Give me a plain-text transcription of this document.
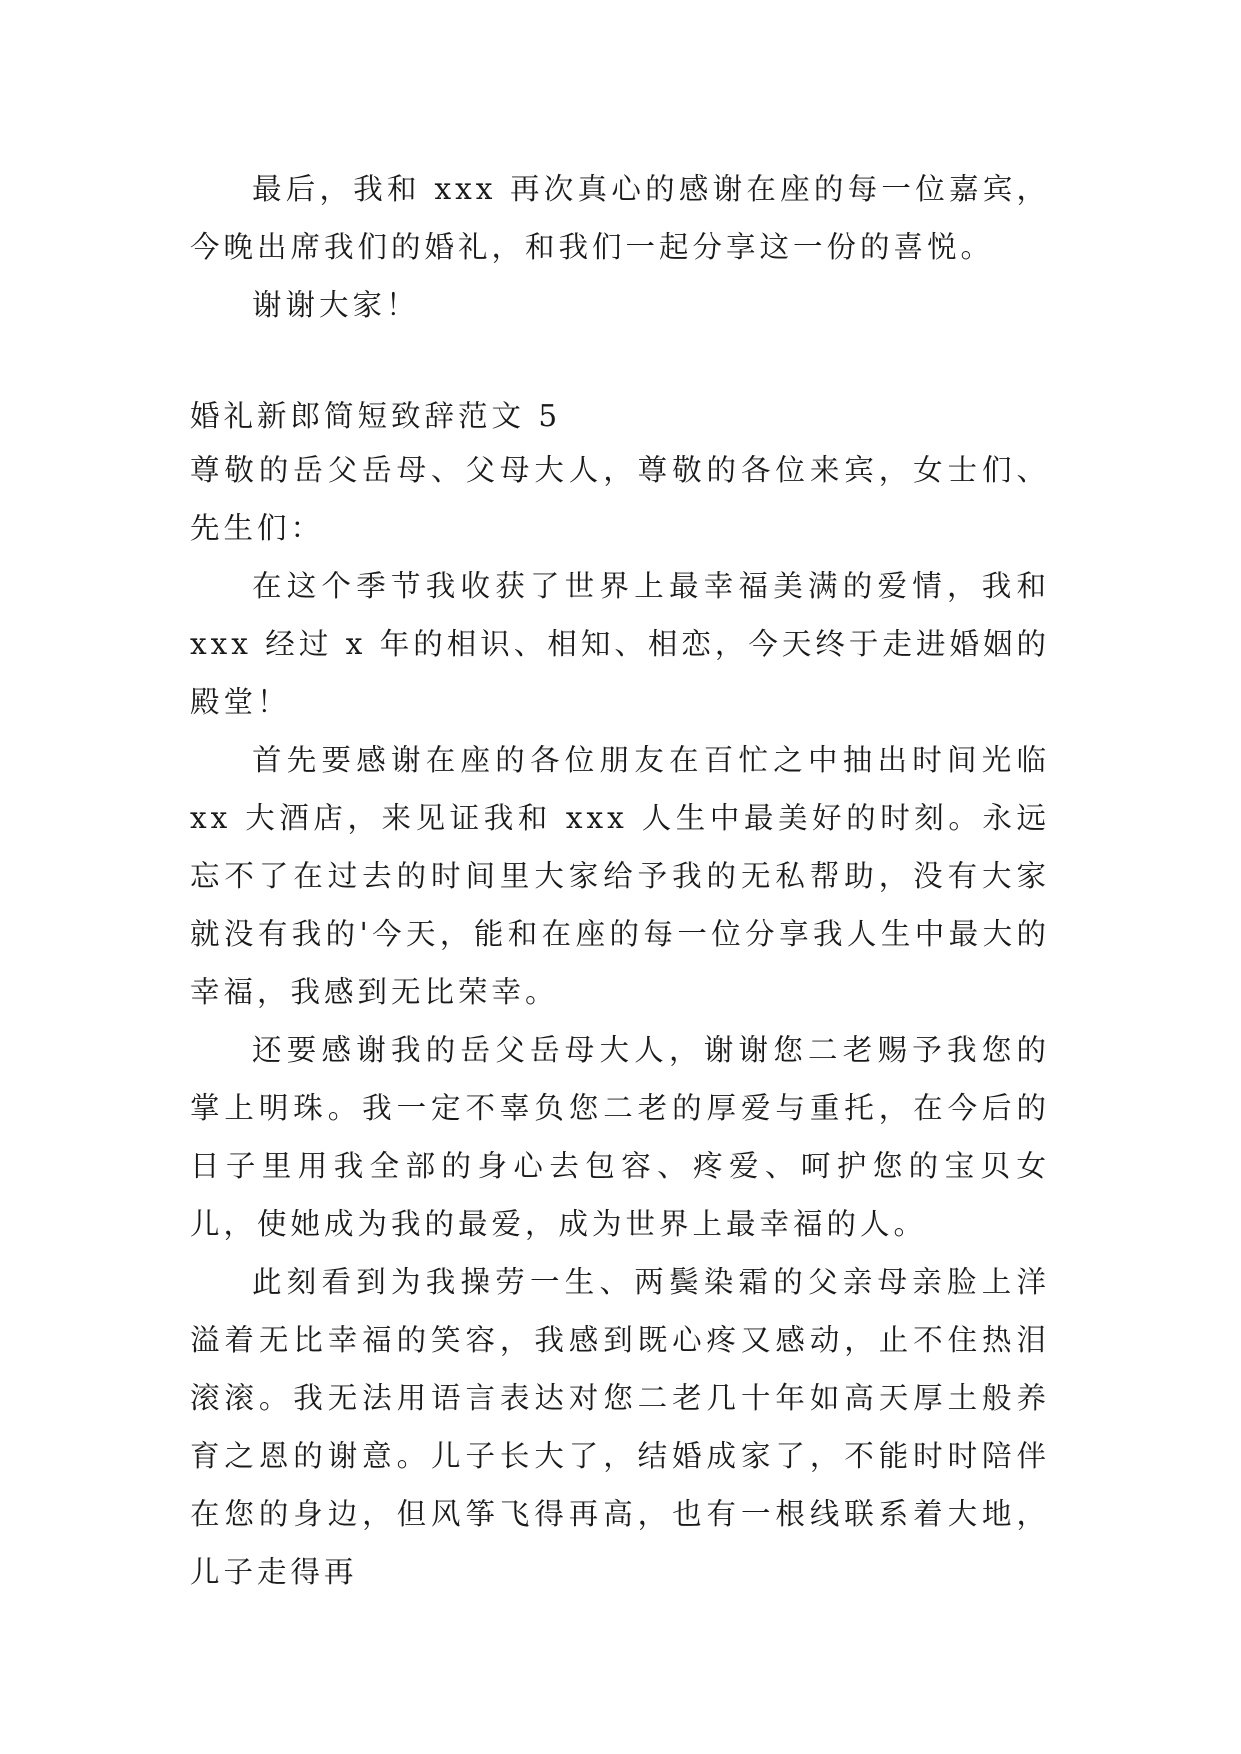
最后，我和 xxx 再次真心的感谢在座的每一位嘉宾，今晚出席我们的婚礼，和我们一起分享这一份的喜悦。

谢谢大家！

婚礼新郎简短致辞范文 5

尊敬的岳父岳母、父母大人，尊敬的各位来宾，女士们、先生们：

在这个季节我收获了世界上最幸福美满的爱情，我和 xxx 经过 x 年的相识、相知、相恋，今天终于走进婚姻的殿堂！

首先要感谢在座的各位朋友在百忙之中抽出时间光临 xx 大酒店，来见证我和 xxx 人生中最美好的时刻。永远忘不了在过去的时间里大家给予我的无私帮助，没有大家就没有我的'今天，能和在座的每一位分享我人生中最大的幸福，我感到无比荣幸。

还要感谢我的岳父岳母大人，谢谢您二老赐予我您的掌上明珠。我一定不辜负您二老的厚爱与重托，在今后的日子里用我全部的身心去包容、疼爱、呵护您的宝贝女儿，使她成为我的最爱，成为世界上最幸福的人。

此刻看到为我操劳一生、两鬓染霜的父亲母亲脸上洋溢着无比幸福的笑容，我感到既心疼又感动，止不住热泪滚滚。我无法用语言表达对您二老几十年如高天厚土般养育之恩的谢意。儿子长大了，结婚成家了，不能时时陪伴在您的身边，但风筝飞得再高，也有一根线联系着大地，儿子走得再
